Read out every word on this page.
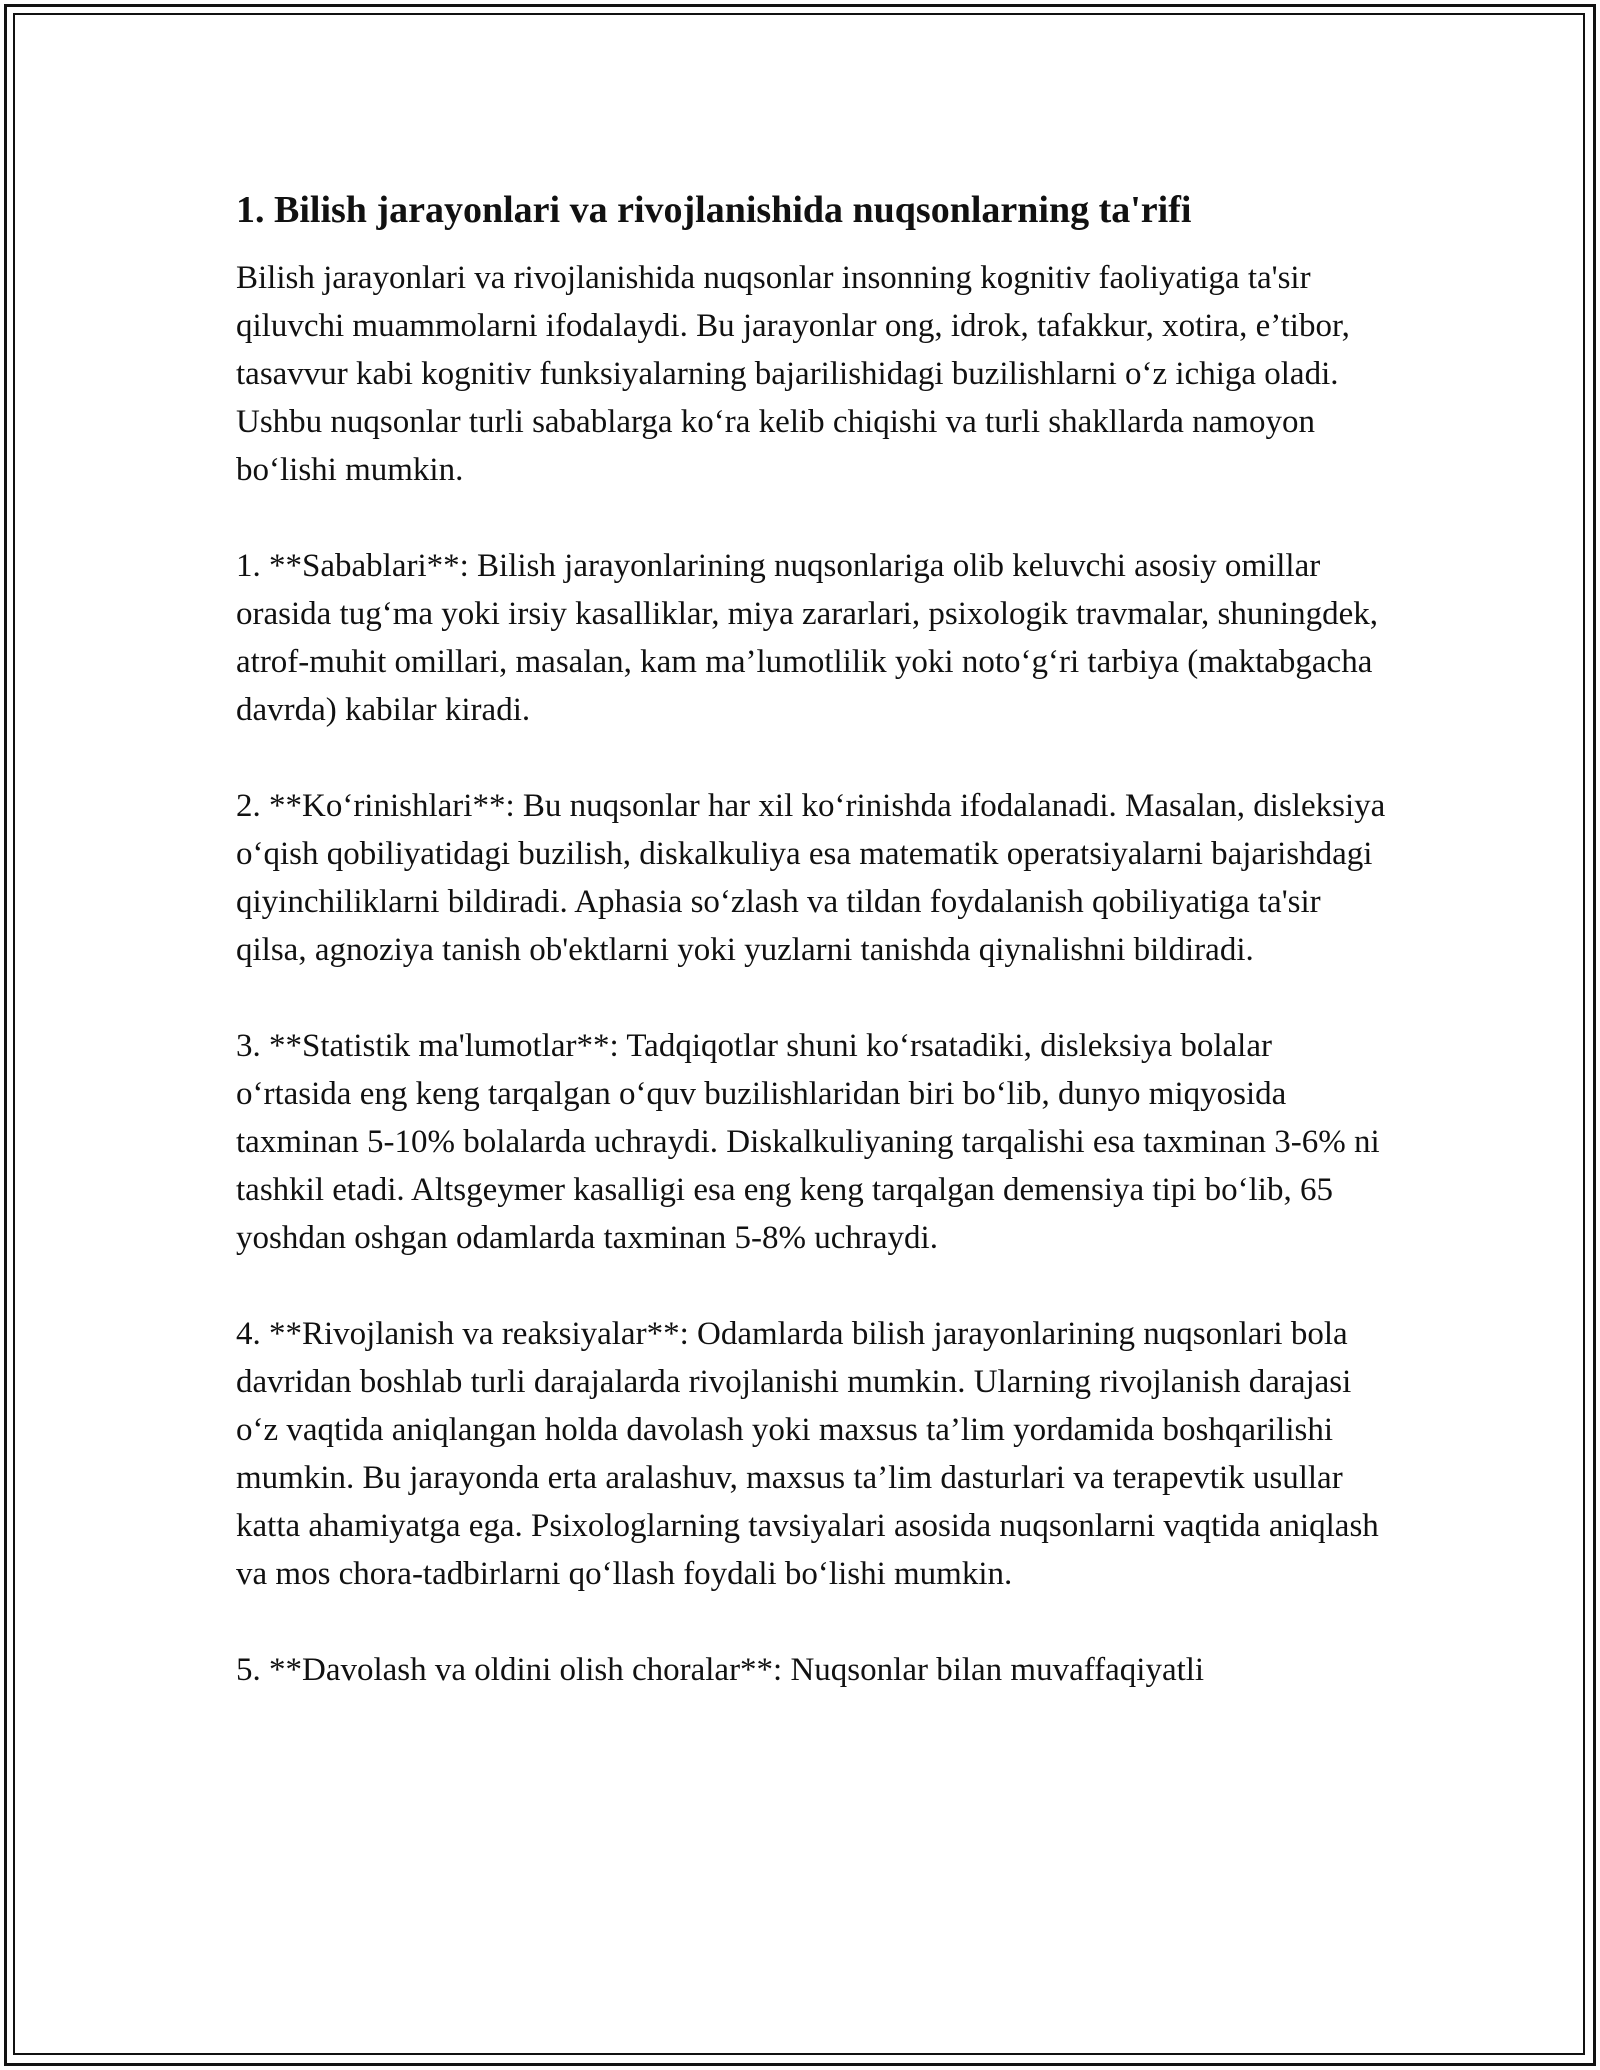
1. Bilish jarayonlari va rivojlanishida nuqsonlarning ta'rifi

Bilish jarayonlari va rivojlanishida nuqsonlar insonning kognitiv faoliyatiga ta'sir qiluvchi muammolarni ifodalaydi. Bu jarayonlar ong, idrok, tafakkur, xotira, e’tibor, tasavvur kabi kognitiv funksiyalarning bajarilishidagi buzilishlarni o‘z ichiga oladi. Ushbu nuqsonlar turli sabablarga ko‘ra kelib chiqishi va turli shakllarda namoyon bo‘lishi mumkin.

1. **Sabablari**: Bilish jarayonlarining nuqsonlariga olib keluvchi asosiy omillar orasida tug‘ma yoki irsiy kasalliklar, miya zararlari, psixologik travmalar, shuningdek, atrof-muhit omillari, masalan, kam ma’lumotlilik yoki noto‘g‘ri tarbiya (maktabgacha davrda) kabilar kiradi.

2. **Ko‘rinishlari**: Bu nuqsonlar har xil ko‘rinishda ifodalanadi. Masalan, disleksiya o‘qish qobiliyatidagi buzilish, diskalkuliya esa matematik operatsiyalarni bajarishdagi qiyinchiliklarni bildiradi. Aphasia so‘zlash va tildan foydalanish qobiliyatiga ta'sir qilsa, agnoziya tanish ob'ektlarni yoki yuzlarni tanishda qiynalishni bildiradi.

3. **Statistik ma'lumotlar**: Tadqiqotlar shuni ko‘rsatadiki, disleksiya bolalar o‘rtasida eng keng tarqalgan o‘quv buzilishlaridan biri bo‘lib, dunyo miqyosida taxminan 5-10% bolalarda uchraydi. Diskalkuliyaning tarqalishi esa taxminan 3-6% ni tashkil etadi. Altsgeymer kasalligi esa eng keng tarqalgan demensiya tipi bo‘lib, 65 yoshdan oshgan odamlarda taxminan 5-8% uchraydi.

4. **Rivojlanish va reaksiyalar**: Odamlarda bilish jarayonlarining nuqsonlari bola davridan boshlab turli darajalarda rivojlanishi mumkin. Ularning rivojlanish darajasi o‘z vaqtida aniqlangan holda davolash yoki maxsus ta’lim yordamida boshqarilishi mumkin. Bu jarayonda erta aralashuv, maxsus ta’lim dasturlari va terapevtik usullar katta ahamiyatga ega. Psixologlarning tavsiyalari asosida nuqsonlarni vaqtida aniqlash va mos chora-tadbirlarni qo‘llash foydali bo‘lishi mumkin.

5. **Davolash va oldini olish choralar**: Nuqsonlar bilan muvaffaqiyatli
